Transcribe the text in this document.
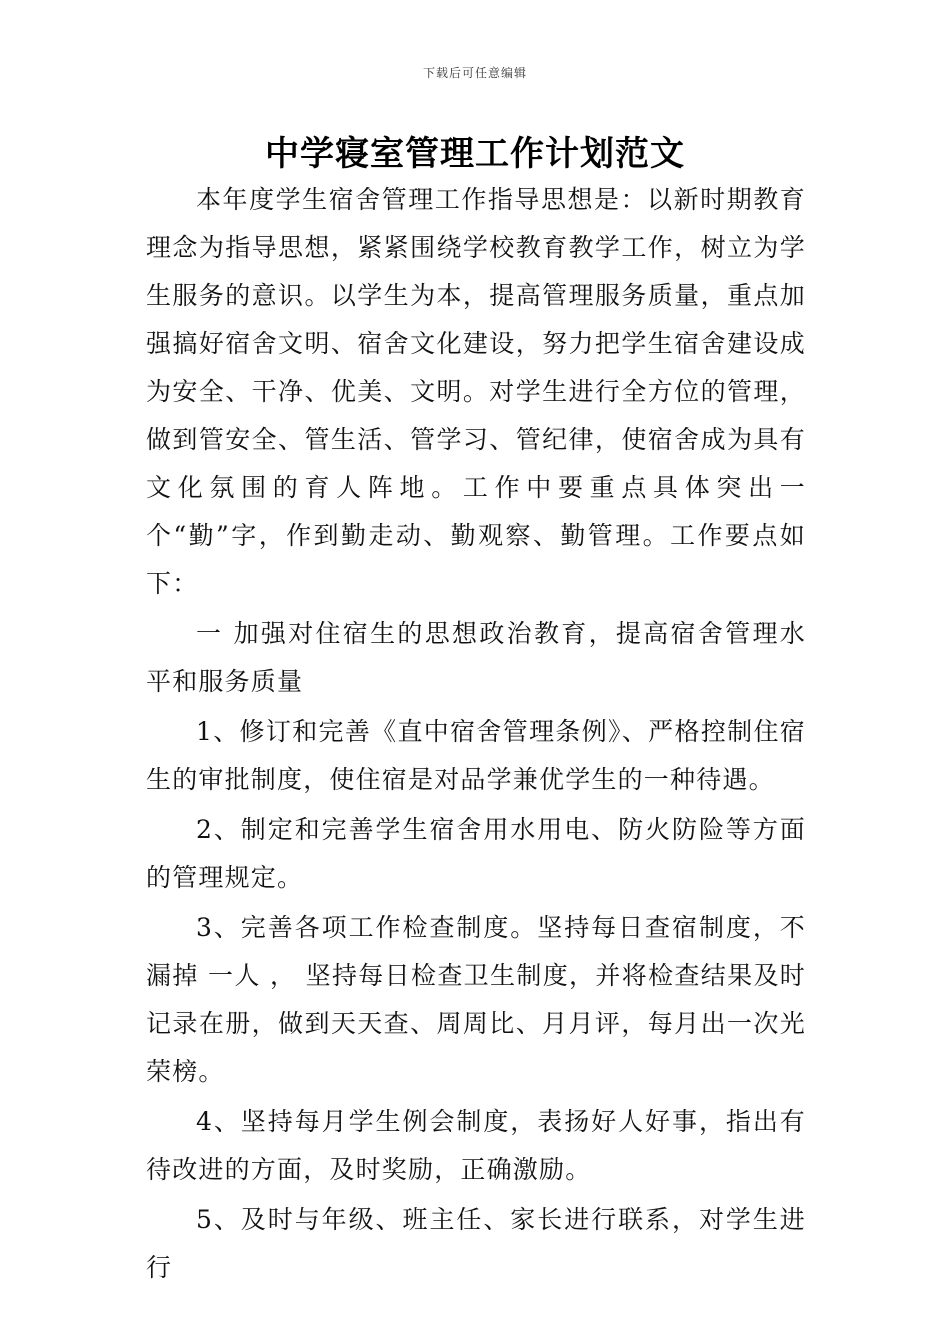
下载后可任意编辑
中学寝室管理工作计划范文

本年度学生宿舍管理工作指导思想是：以新时期教育理念为指导思想，紧紧围绕学校教育教学工作，树立为学生服务的意识。以学生为本，提高管理服务质量，重点加强搞好宿舍文明、宿舍文化建设，努力把学生宿舍建设成为安全、干净、优美、文明。对学生进行全方位的管理，做到管安全、管生活、管学习、管纪律，使宿舍成为具有文化氛围的育人阵地。工作中要重点具体突出一个“勤”字，作到勤走动、勤观察、勤管理。工作要点如下：

一 加强对住宿生的思想政治教育，提高宿舍管理水平和服务质量

1、修订和完善《直中宿舍管理条例》、严格控制住宿生的审批制度，使住宿是对品学兼优学生的一种待遇。

2、制定和完善学生宿舍用水用电、防火防险等方面的管理规定。

3、完善各项工作检查制度。坚持每日查宿制度，不漏掉 一人 ， 坚持每日检查卫生制度，并将检查结果及时记录在册，做到天天查、周周比、月月评，每月出一次光荣榜。

4、坚持每月学生例会制度，表扬好人好事，指出有待改进的方面，及时奖励，正确激励。

5、及时与年级、班主任、家长进行联系，对学生进行
